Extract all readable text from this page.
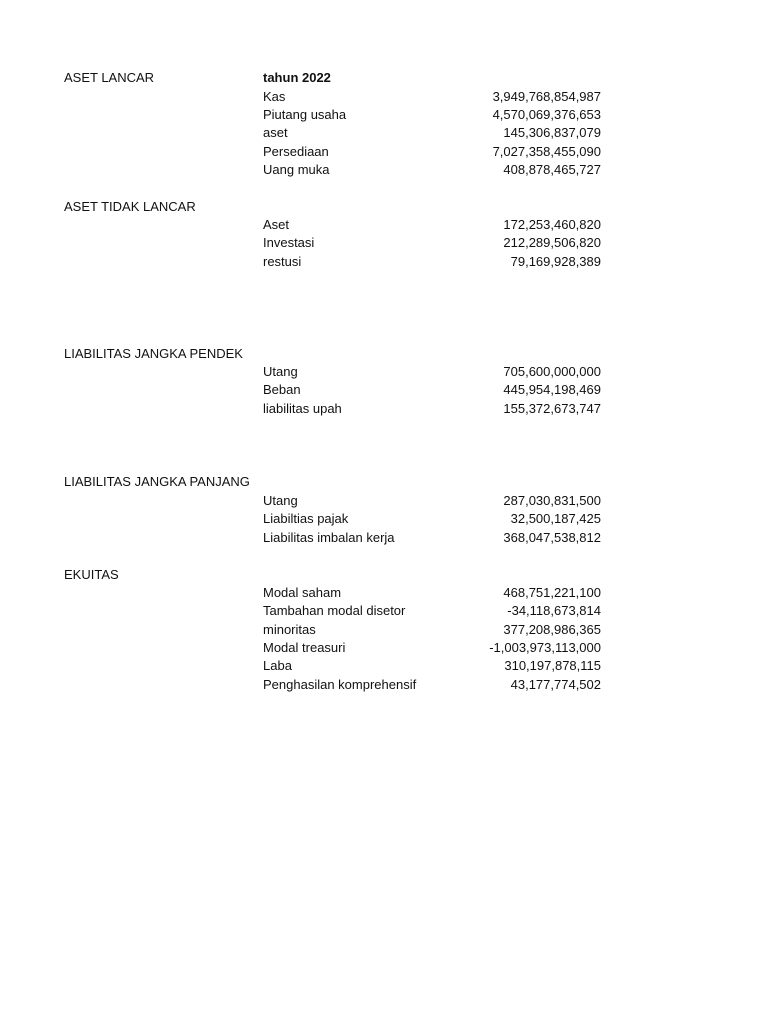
ASET LANCAR	tahun 2022
Kas	3,949,768,854,987
Piutang usaha	4,570,069,376,653
aset	145,306,837,079
Persediaan	7,027,358,455,090
Uang muka	408,878,465,727
ASET TIDAK LANCAR
Aset	172,253,460,820
Investasi	212,289,506,820
restusi	79,169,928,389
LIABILITAS JANGKA PENDEK
Utang	705,600,000,000
Beban	445,954,198,469
liabilitas upah	155,372,673,747
LIABILITAS JANGKA PANJANG
Utang	287,030,831,500
Liabiltias pajak	32,500,187,425
Liabilitas imbalan kerja	368,047,538,812
EKUITAS
Modal saham	468,751,221,100
Tambahan modal disetor	-34,118,673,814
minoritas	377,208,986,365
Modal treasuri	-1,003,973,113,000
Laba	310,197,878,115
Penghasilan komprehensif	43,177,774,502
